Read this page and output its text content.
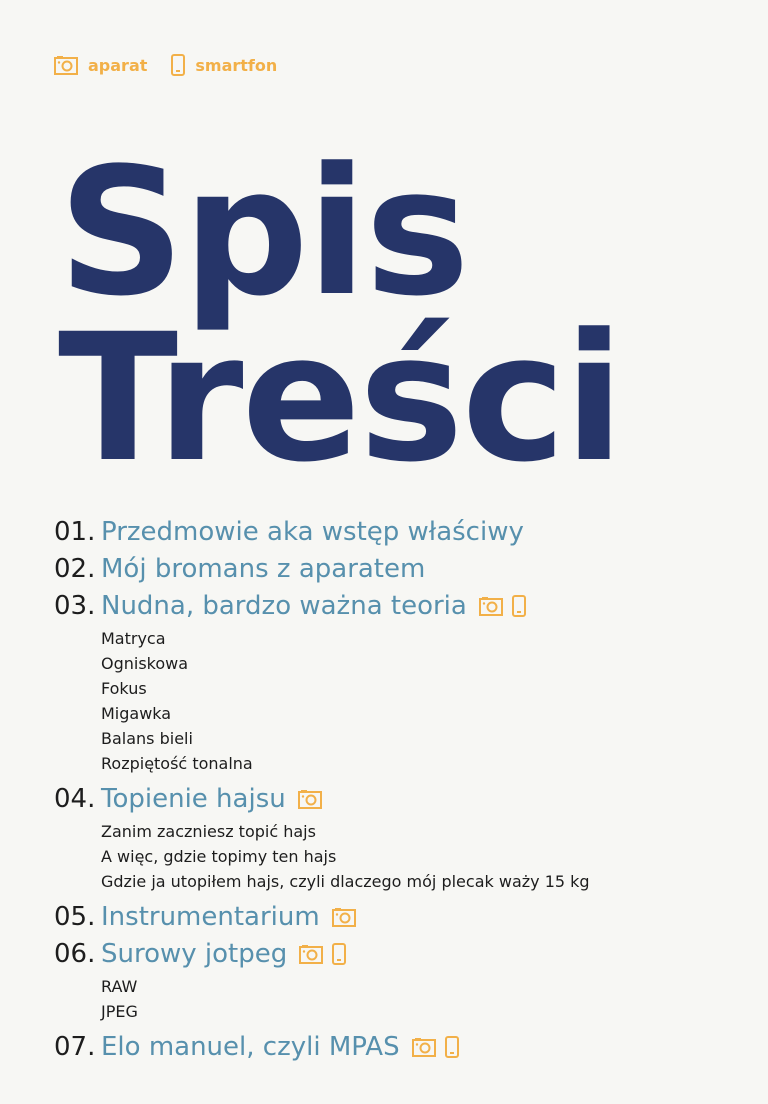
aparat	smartfon
Spis
Treści
01. Przedmowie aka wstęp właściwy
02. Mój bromans z aparatem
03. Nudna, bardzo ważna teoria
Matryca
Ogniskowa
Fokus
Migawka
Balans bieli
Rozpiętość tonalna
04. Topienie hajsu
Zanim zaczniesz topić hajs
A więc, gdzie topimy ten hajs
Gdzie ja utopiłem hajs, czyli dlaczego mój plecak waży 15 kg
05. Instrumentarium
06. Surowy jotpeg
RAW
JPEG
07. Elo manuel, czyli MPAS
